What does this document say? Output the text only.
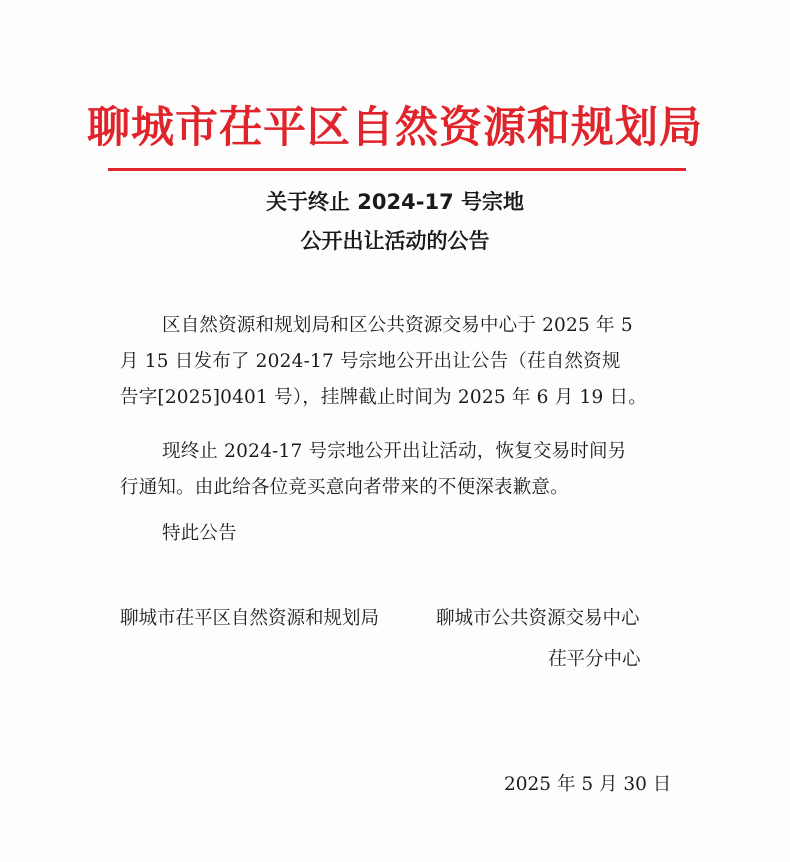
聊城市茌平区自然资源和规划局
关于终止 2024-17 号宗地
公开出让活动的公告
区自然资源和规划局和区公共资源交易中心于 2025 年 5
月 15 日发布了 2024-17 号宗地公开出让公告（茌自然资规
告字[2025]0401 号），挂牌截止时间为 2025 年 6 月 19 日。
现终止 2024-17 号宗地公开出让活动，恢复交易时间另
行通知。由此给各位竞买意向者带来的不便深表歉意。
特此公告
聊城市茌平区自然资源和规划局	聊城市公共资源交易中心
茌平分中心
2025 年 5 月 30 日
